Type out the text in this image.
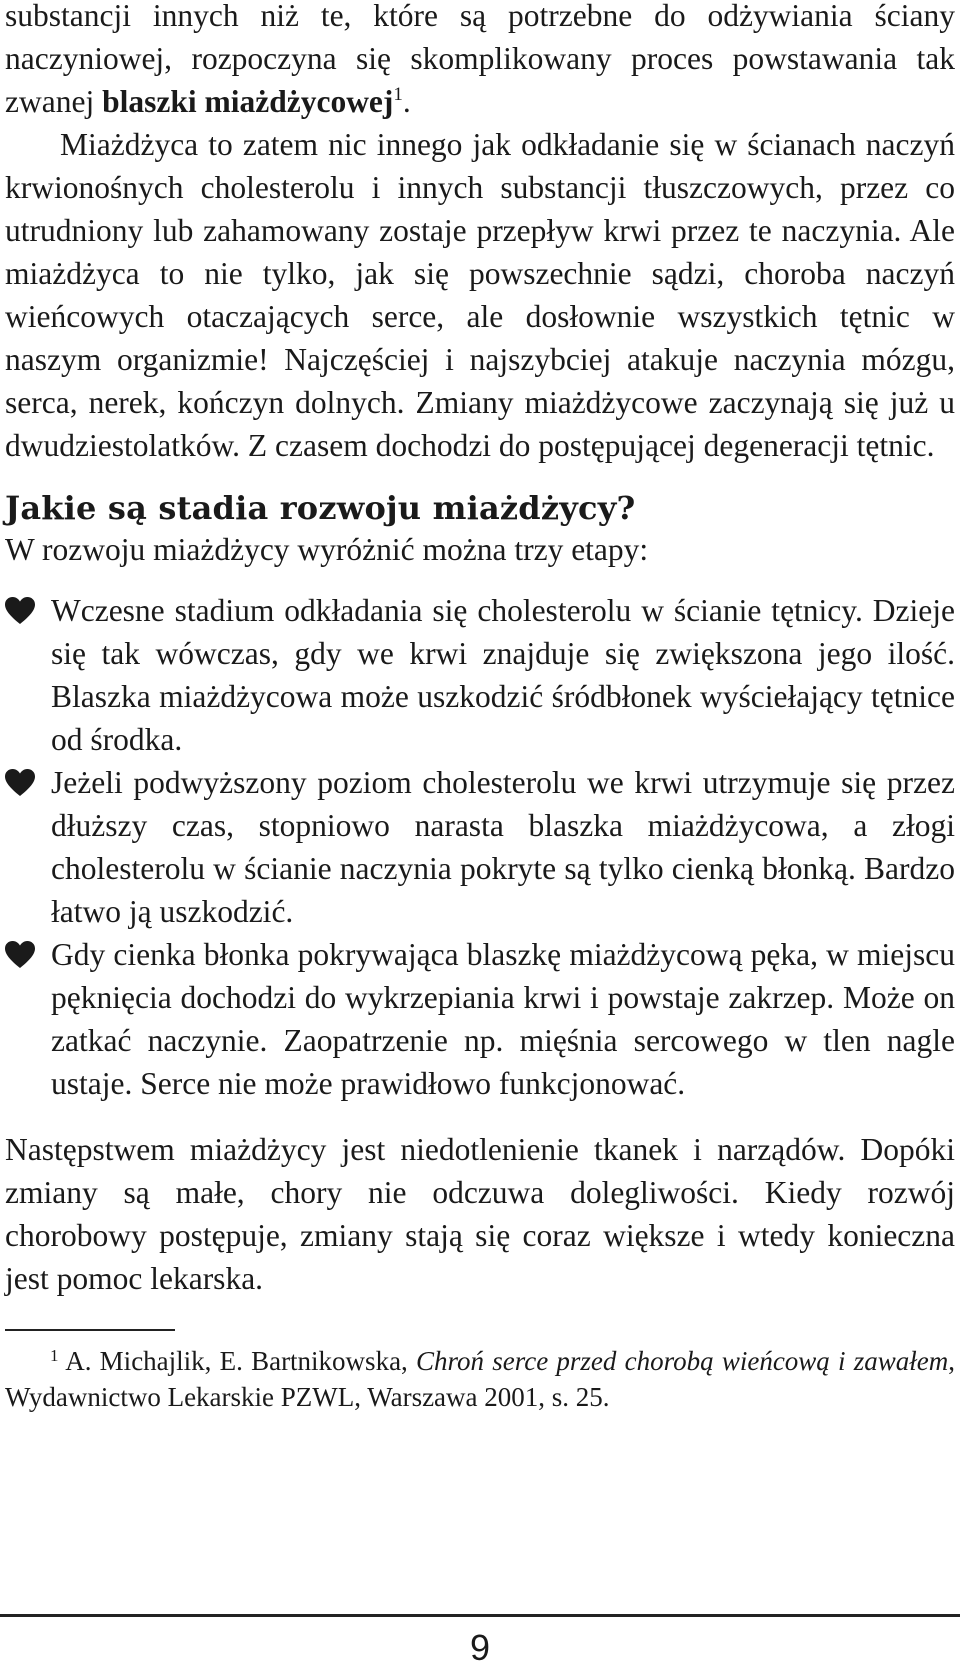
substancji innych niż te, które są potrzebne do odżywiania ściany naczyniowej, rozpoczyna się skomplikowany proces powstawania tak zwanej blaszki miażdżycowej$^1$.

Miażdżyca to zatem nic innego jak odkładanie się w ścianach naczyń krwionośnych cholesterolu i innych substancji tłuszczowych, przez co utrudniony lub zahamowany zostaje przepływ krwi przez te naczynia. Ale miażdżyca to nie tylko, jak się powszechnie sądzi, choroba naczyń wieńcowych otaczających serce, ale dosłownie wszystkich tętnic w naszym organizmie! Najczęściej i najszybciej atakuje naczynia mózgu, serca, nerek, kończyn dolnych. Zmiany miażdżycowe zaczynają się już u dwudziestolatków. Z czasem dochodzi do postępującej degeneracji tętnic.

Jakie są stadia rozwoju miażdżycy?

W rozwoju miażdżycy wyróżnić można trzy etapy:

Wczesne stadium odkładania się cholesterolu w ścianie tętnicy. Dzieje się tak wówczas, gdy we krwi znajduje się zwiększona jego ilość. Blaszka miażdżycowa może uszkodzić śródbłonek wyściełający tętnice od środka.
Jeżeli podwyższony poziom cholesterolu we krwi utrzymuje się przez dłuższy czas, stopniowo narasta blaszka miażdżycowa, a złogi cholesterolu w ścianie naczynia pokryte są tylko cienką błonką. Bardzo łatwo ją uszkodzić.
Gdy cienka błonka pokrywająca blaszkę miażdżycową pęka, w miejscu pęknięcia dochodzi do wykrzepiania krwi i powstaje zakrzep. Może on zatkać naczynie. Zaopatrzenie np. mięśnia sercowego w tlen nagle ustaje. Serce nie może prawidłowo funkcjonować.

Następstwem miażdżycy jest niedotlenienie tkanek i narządów. Dopóki zmiany są małe, chory nie odczuwa dolegliwości. Kiedy rozwój chorobowy postępuje, zmiany stają się coraz większe i wtedy konieczna jest pomoc lekarska.

$^1$ A. Michajlik, E. Bartnikowska, Chroń serce przed chorobą wieńcową i zawałem, Wydawnictwo Lekarskie PZWL, Warszawa 2001, s. 25.

9
